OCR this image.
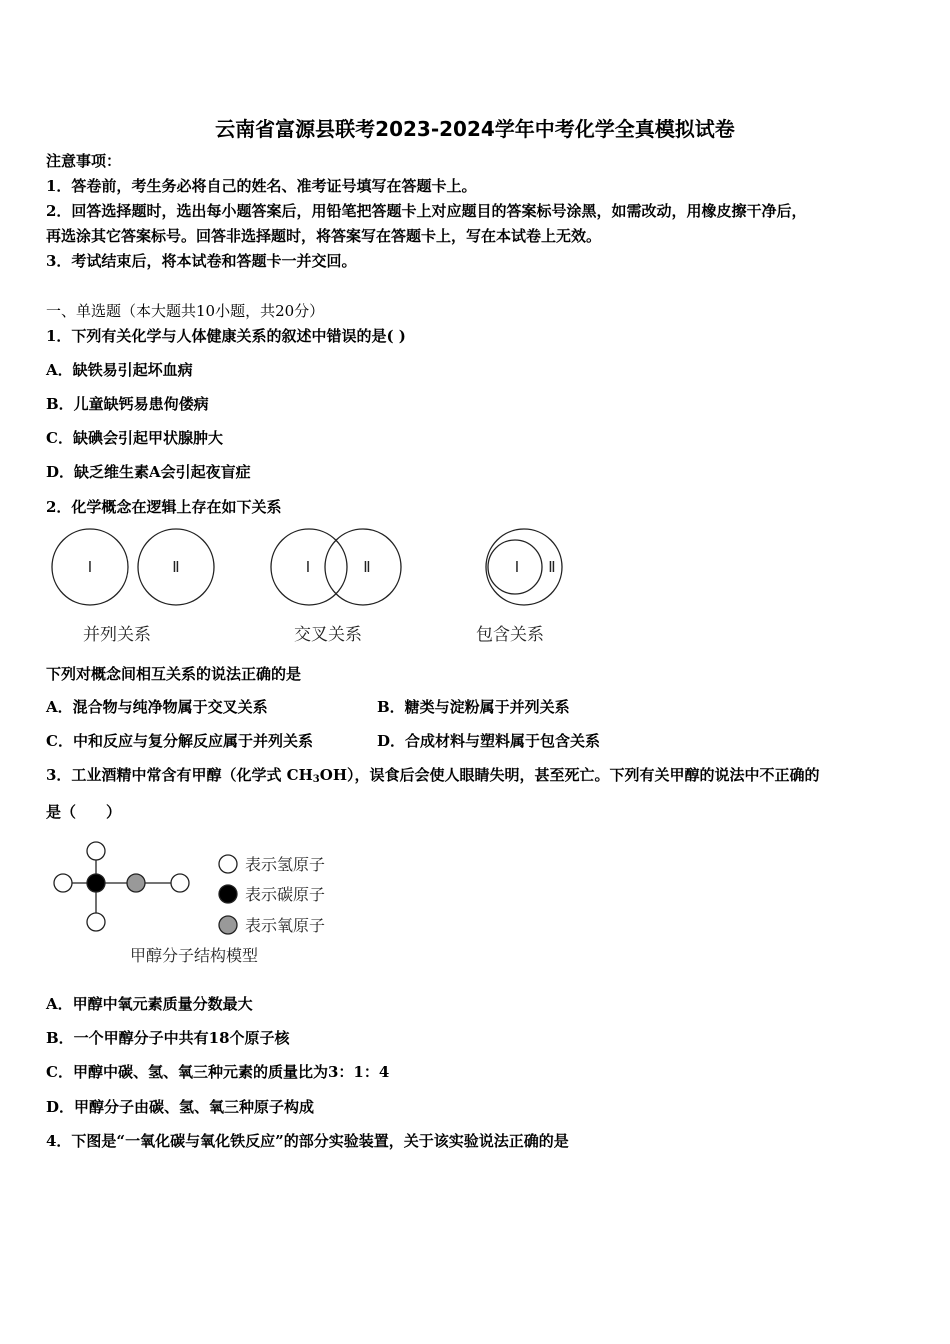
云南省富源县联考2023-2024学年中考化学全真模拟试卷
注意事项：
1．答卷前，考生务必将自己的姓名、准考证号填写在答题卡上。
2．回答选择题时，选出每小题答案后，用铅笔把答题卡上对应题目的答案标号涂黑，如需改动，用橡皮擦干净后，
再选涂其它答案标号。回答非选择题时，将答案写在答题卡上，写在本试卷上无效。
3．考试结束后，将本试卷和答题卡一并交回。
一、单选题（本大题共10小题，共20分）
1．下列有关化学与人体健康关系的叙述中错误的是( )
A．缺铁易引起坏血病
B．儿童缺钙易患佝偻病
C．缺碘会引起甲状腺肿大
D．缺乏维生素A会引起夜盲症
2．化学概念在逻辑上存在如下关系
Ⅰ	Ⅱ	Ⅰ	Ⅱ	Ⅰ Ⅱ
并列关系	交叉关系	包含关系
下列对概念间相互关系的说法正确的是
A．混合物与纯净物属于交叉关系	B．糖类与淀粉属于并列关系
C．中和反应与复分解反应属于并列关系	D．合成材料与塑料属于包含关系
3．工业酒精中常含有甲醇（化学式 $CH_3OH$），误食后会使人眼睛失明，甚至死亡。下列有关甲醇的说法中不正确的
是（　　）
表示氢原子
表示碳原子
表示氧原子
甲醇分子结构模型
A．甲醇中氧元素质量分数最大
B．一个甲醇分子中共有18个原子核
C．甲醇中碳、氢、氧三种元素的质量比为3：1：4
D．甲醇分子由碳、氢、氧三种原子构成
4．下图是“一氧化碳与氧化铁反应”的部分实验装置，关于该实验说法正确的是
